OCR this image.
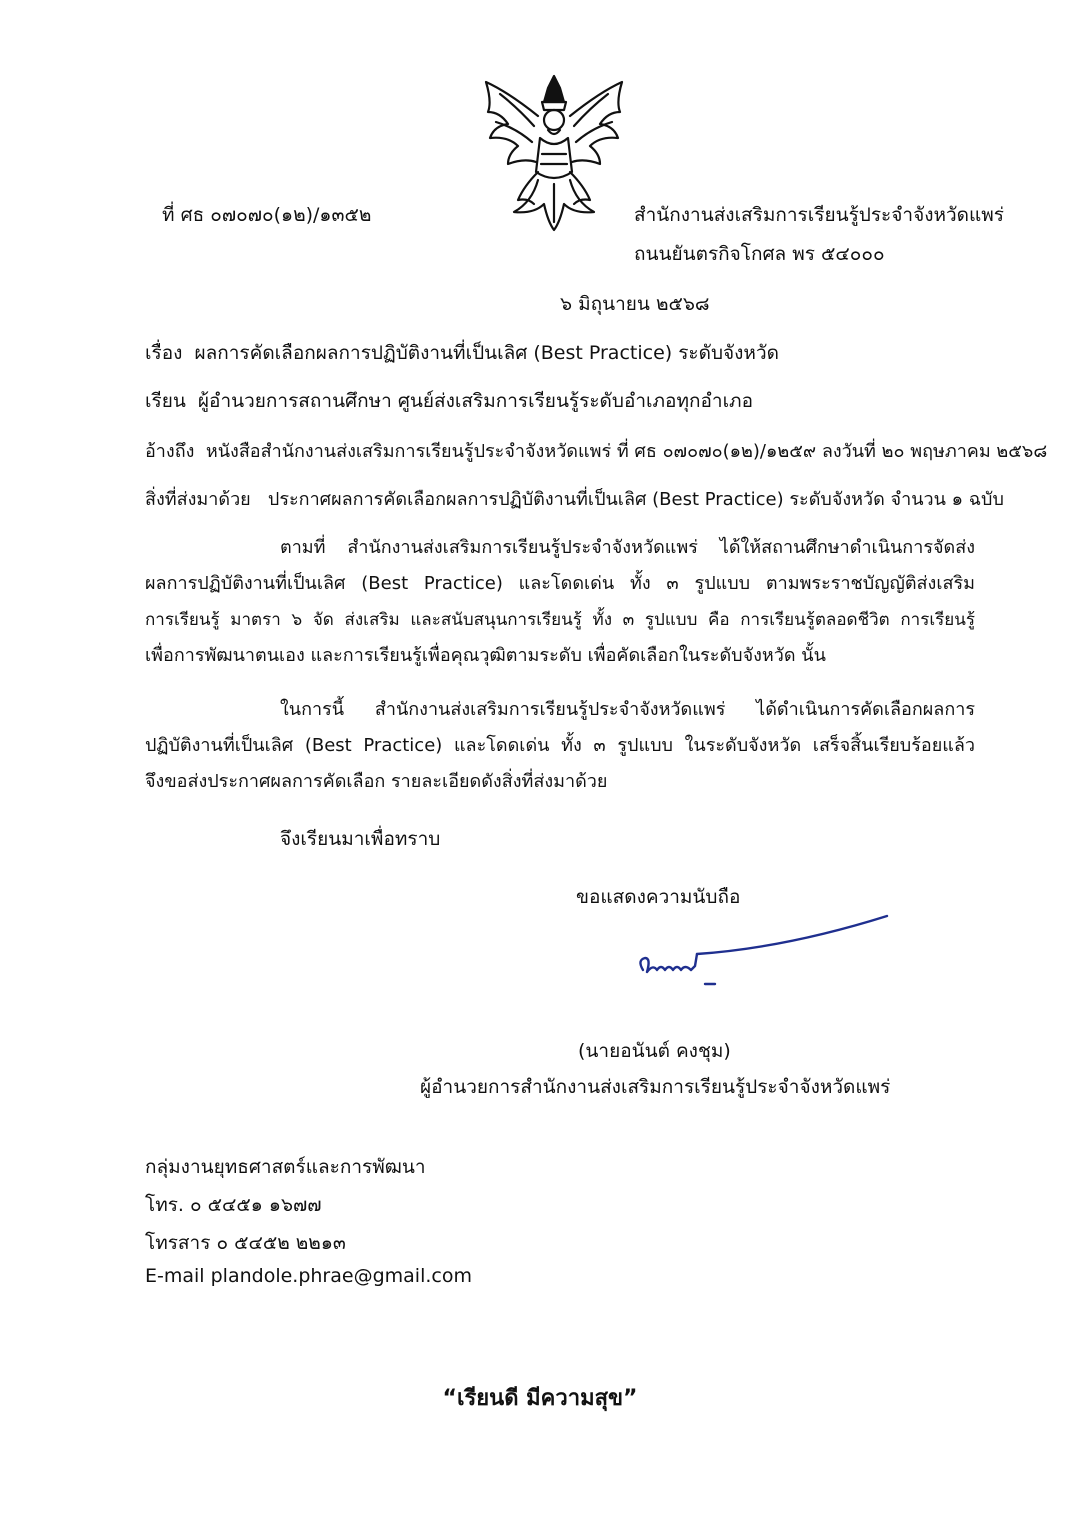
ที่ ศธ ๐๗๐๗๐(๑๒)/๑๓๕๒	สำนักงานส่งเสริมการเรียนรู้ประจำจังหวัดแพร่
ถนนยันตรกิจโกศล พร ๕๔๐๐๐
๖ มิถุนายน ๒๕๖๘
เรื่อง ผลการคัดเลือกผลการปฏิบัติงานที่เป็นเลิศ (Best Practice) ระดับจังหวัด
เรียน ผู้อำนวยการสถานศึกษา ศูนย์ส่งเสริมการเรียนรู้ระดับอำเภอทุกอำเภอ
อ้างถึง หนังสือสำนักงานส่งเสริมการเรียนรู้ประจำจังหวัดแพร่ ที่ ศธ ๐๗๐๗๐(๑๒)/๑๒๕๙ ลงวันที่ ๒๐ พฤษภาคม ๒๕๖๘
สิ่งที่ส่งมาด้วย ประกาศผลการคัดเลือกผลการปฏิบัติงานที่เป็นเลิศ (Best Practice) ระดับจังหวัด จำนวน ๑ ฉบับ
ตามที่ สำนักงานส่งเสริมการเรียนรู้ประจำจังหวัดแพร่ ได้ให้สถานศึกษาดำเนินการจัดส่ง
ผลการปฏิบัติงานที่เป็นเลิศ (Best Practice) และโดดเด่น ทั้ง ๓ รูปแบบ ตามพระราชบัญญัติส่งเสริม
การเรียนรู้ มาตรา ๖ จัด ส่งเสริม และสนับสนุนการเรียนรู้ ทั้ง ๓ รูปแบบ คือ การเรียนรู้ตลอดชีวิต การเรียนรู้
เพื่อการพัฒนาตนเอง และการเรียนรู้เพื่อคุณวุฒิตามระดับ เพื่อคัดเลือกในระดับจังหวัด นั้น
ในการนี้ สำนักงานส่งเสริมการเรียนรู้ประจำจังหวัดแพร่ ได้ดำเนินการคัดเลือกผลการ
ปฏิบัติงานที่เป็นเลิศ (Best Practice) และโดดเด่น ทั้ง ๓ รูปแบบ ในระดับจังหวัด เสร็จสิ้นเรียบร้อยแล้ว
จึงขอส่งประกาศผลการคัดเลือก รายละเอียดดังสิ่งที่ส่งมาด้วย
จึงเรียนมาเพื่อทราบ
ขอแสดงความนับถือ
(นายอนันต์ คงชุม)
ผู้อำนวยการสำนักงานส่งเสริมการเรียนรู้ประจำจังหวัดแพร่
กลุ่มงานยุทธศาสตร์และการพัฒนา
โทร. ๐ ๕๔๕๑ ๑๖๗๗
โทรสาร ๐ ๕๔๕๒ ๒๒๑๓
E-mail plandole.phrae@gmail.com
“เรียนดี มีความสุข”
